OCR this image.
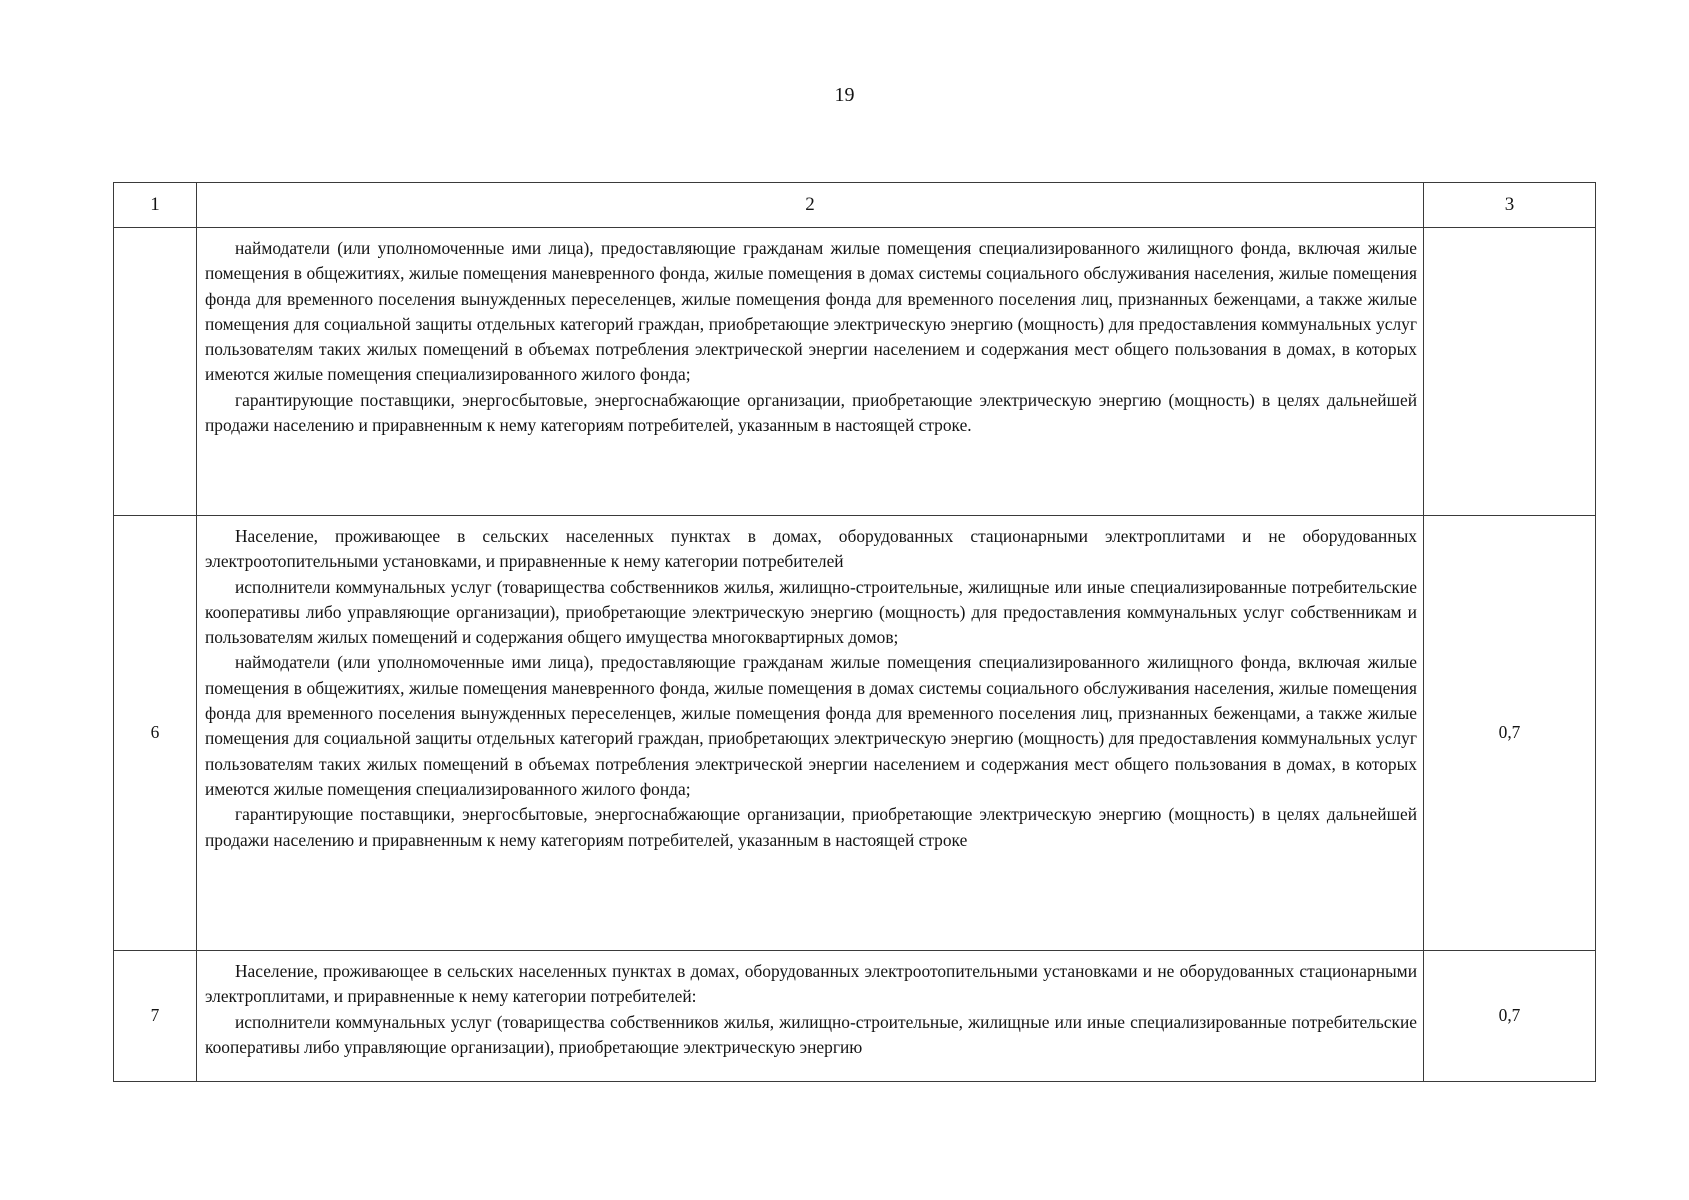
19
1	2	3

	наймодатели (или уполномоченные ими лица), предоставляющие гражданам жилые помещения специализированного жилищного фонда, включая жилые помещения в общежитиях, жилые помещения маневренного фонда, жилые помещения в домах системы социального обслуживания населения, жилые помещения фонда для временного поселения вынужденных переселенцев, жилые помещения фонда для временного поселения лиц, признанных беженцами, а также жилые помещения для социальной защиты отдельных категорий граждан, приобретающие электрическую энергию (мощность) для предоставления коммунальных услуг пользователям таких жилых помещений в объемах потребления электрической энергии населением и содержания мест общего пользования в домах, в которых имеются жилые помещения специализированного жилого фонда;

гарантирующие поставщики, энергосбытовые, энергоснабжающие организации, приобретающие электрическую энергию (мощность) в целях дальнейшей продажи населению и приравненным к нему категориям потребителей, указанным в настоящей строке.	

6	Население, проживающее в сельских населенных пунктах в домах, оборудованных стационарными электроплитами и не оборудованных электроотопительными установками, и приравненные к нему категории потребителей

исполнители коммунальных услуг (товарищества собственников жилья, жилищно-строительные, жилищные или иные специализированные потребительские кооперативы либо управляющие организации), приобретающие электрическую энергию (мощность) для предоставления коммунальных услуг собственникам и пользователям жилых помещений и содержания общего имущества многоквартирных домов;

наймодатели (или уполномоченные ими лица), предоставляющие гражданам жилые помещения специализированного жилищного фонда, включая жилые помещения в общежитиях, жилые помещения маневренного фонда, жилые помещения в домах системы социального обслуживания населения, жилые помещения фонда для временного поселения вынужденных переселенцев, жилые помещения фонда для временного поселения лиц, признанных беженцами, а также жилые помещения для социальной защиты отдельных категорий граждан, приобретающих электрическую энергию (мощность) для предоставления коммунальных услуг пользователям таких жилых помещений в объемах потребления электрической энергии населением и содержания мест общего пользования в домах, в которых имеются жилые помещения специализированного жилого фонда;

гарантирующие поставщики, энергосбытовые, энергоснабжающие организации, приобретающие электрическую энергию (мощность) в целях дальнейшей продажи населению и приравненным к нему категориям потребителей, указанным в настоящей строке	0,7
7	Население, проживающее в сельских населенных пунктах в домах, оборудованных электроотопительными установками и не оборудованных стационарными электроплитами, и приравненные к нему категории потребителей:

исполнители коммунальных услуг (товарищества собственников жилья, жилищно-строительные, жилищные или иные специализированные потребительские кооперативы либо управляющие организации), приобретающие электрическую энергию	0,7
